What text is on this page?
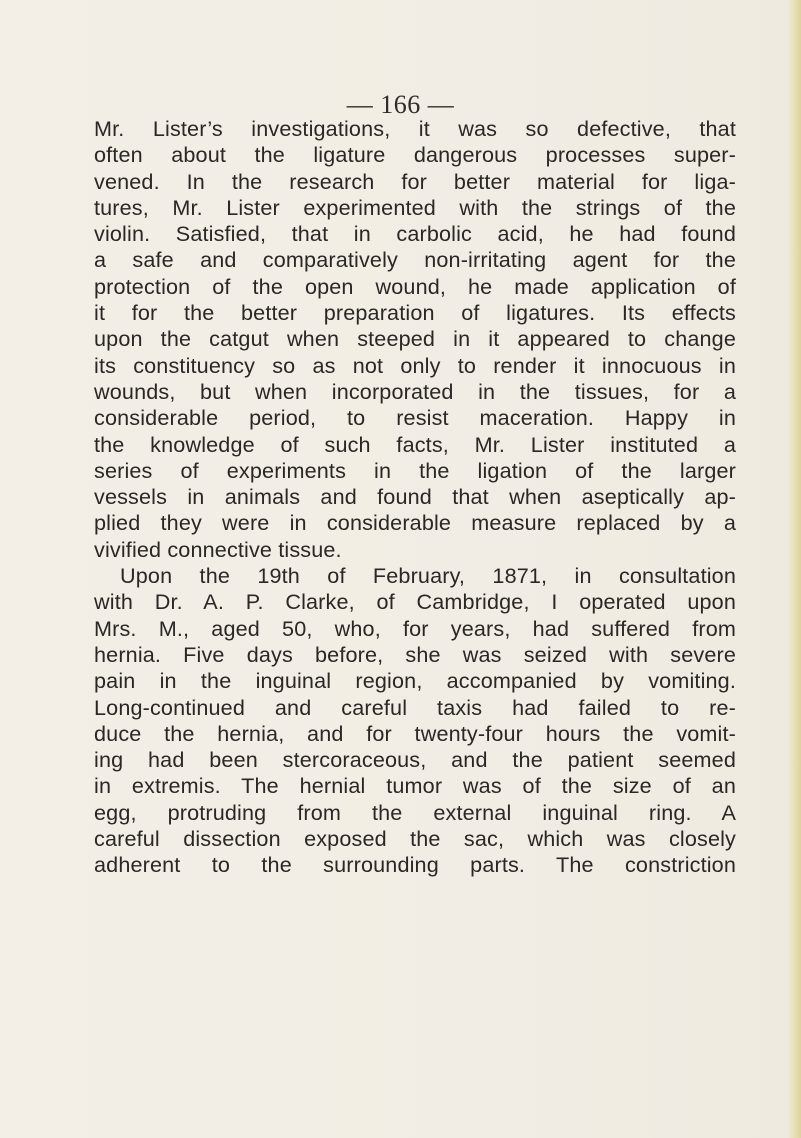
— 166 —
Mr. Lister’s investigations, it was so defective, that
often about the ligature dangerous processes super-
vened. In the research for better material for liga-
tures, Mr. Lister experimented with the strings of the
violin. Satisfied, that in carbolic acid, he had found
a safe and comparatively non-irritating agent for the
protection of the open wound, he made application of
it for the better preparation of ligatures. Its effects
upon the catgut when steeped in it appeared to change
its constituency so as not only to render it innocuous in
wounds, but when incorporated in the tissues, for a
considerable period, to resist maceration. Happy in
the knowledge of such facts, Mr. Lister instituted a
series of experiments in the ligation of the larger
vessels in animals and found that when aseptically ap-
plied they were in considerable measure replaced by a
vivified connective tissue.
Upon the 19th of February, 1871, in consultation
with Dr. A. P. Clarke, of Cambridge, I operated upon
Mrs. M., aged 50, who, for years, had suffered from
hernia. Five days before, she was seized with severe
pain in the inguinal region, accompanied by vomiting.
Long-continued and careful taxis had failed to re-
duce the hernia, and for twenty-four hours the vomit-
ing had been stercoraceous, and the patient seemed
in extremis. The hernial tumor was of the size of an
egg, protruding from the external inguinal ring. A
careful dissection exposed the sac, which was closely
adherent to the surrounding parts. The constriction
